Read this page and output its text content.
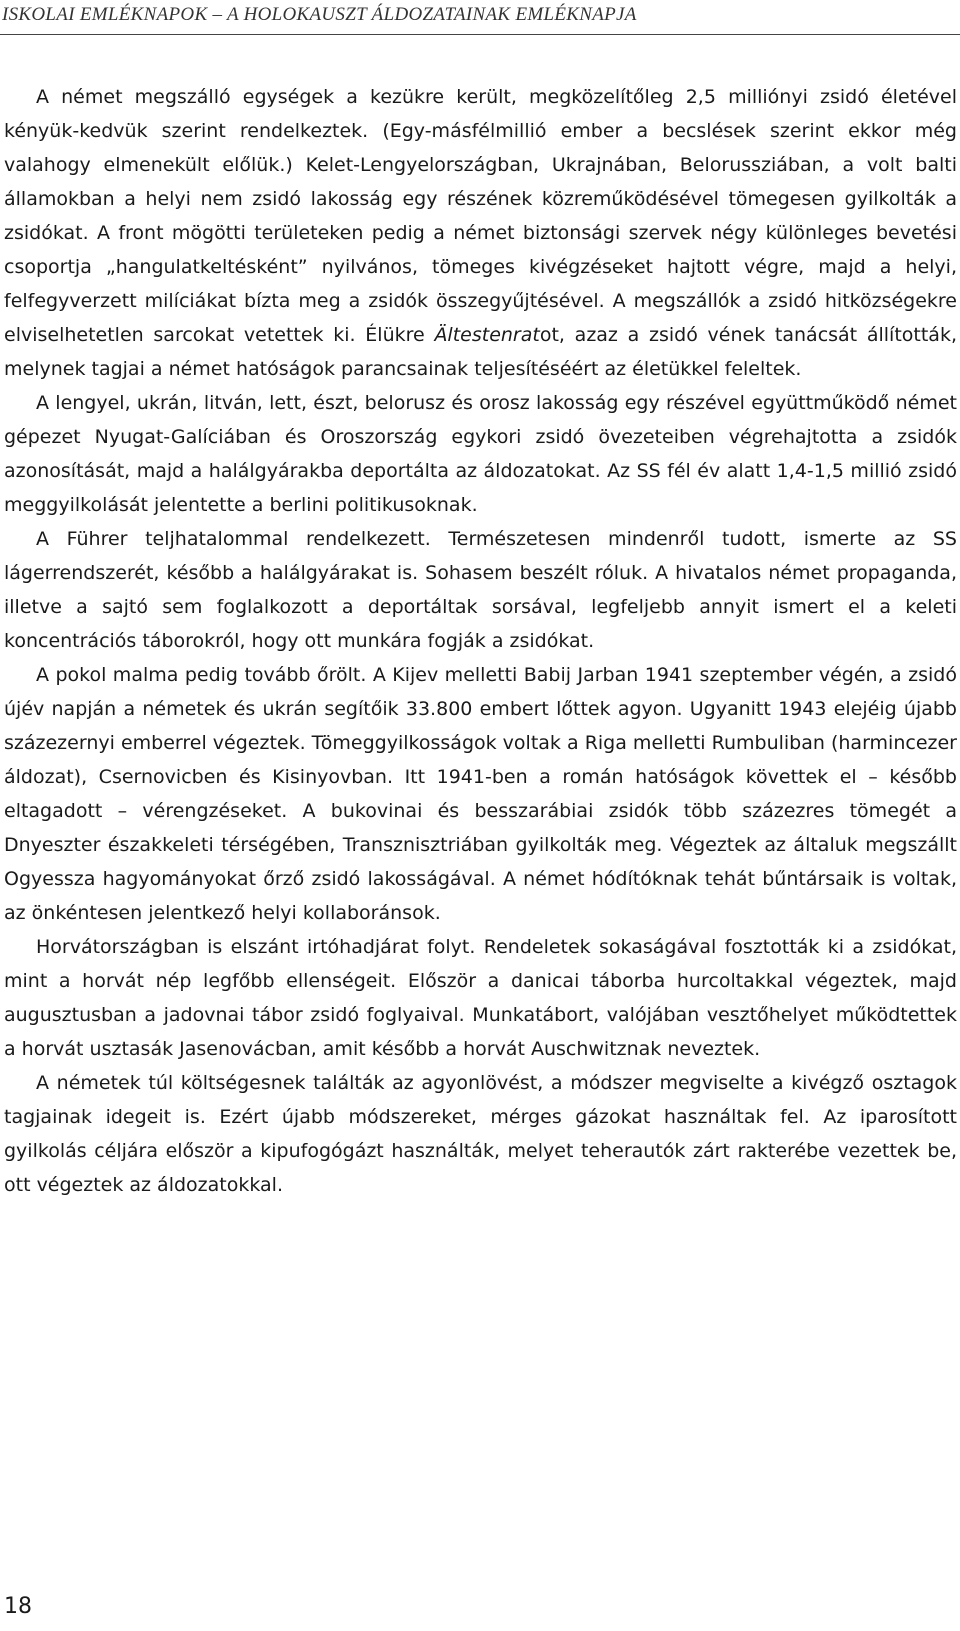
ISKOLAI EMLÉKNAPOK – A HOLOKAUSZT ÁLDOZATAINAK EMLÉKNAPJA

A német megszálló egységek a kezükre került, megközelítőleg 2,5 milliónyi zsidó életével kényük-kedvük szerint rendelkeztek. (Egy-másfélmillió ember a becslések szerint ekkor még valahogy elmenekült előlük.) Kelet-Lengyelországban, Ukrajnában, Belorussziában, a volt balti államokban a helyi nem zsidó lakosság egy részének közreműködésével tömegesen gyilkolták a zsidókat. A front mögötti területeken pedig a német biztonsági szervek négy különleges bevetési csoportja „hangulatkeltésként” nyilvános, tömeges kivégzéseket hajtott végre, majd a helyi, felfegyverzett milíciákat bízta meg a zsidók összegyűjtésével. A megszállók a zsidó hitközségekre elviselhetetlen sarcokat vetettek ki. Élükre Ältestenratot, azaz a zsidó vének tanácsát állították, melynek tagjai a német hatóságok parancsainak teljesítéséért az életükkel feleltek.

A lengyel, ukrán, litván, lett, észt, belorusz és orosz lakosság egy részével együttműködő német gépezet Nyugat-Galíciában és Oroszország egykori zsidó övezeteiben végrehajtotta a zsidók azonosítását, majd a halálgyárakba deportálta az áldozatokat. Az SS fél év alatt 1,4-1,5 millió zsidó meggyilkolását jelentette a berlini politikusoknak.

A Führer teljhatalommal rendelkezett. Természetesen mindenről tudott, ismerte az SS lágerrendszerét, később a halálgyárakat is. Sohasem beszélt róluk. A hivatalos német propaganda, illetve a sajtó sem foglalkozott a deportáltak sorsával, legfeljebb annyit ismert el a keleti koncentrációs táborokról, hogy ott munkára fogják a zsidókat.

A pokol malma pedig tovább őrölt. A Kijev melletti Babij Jarban 1941 szeptember végén, a zsidó újév napján a németek és ukrán segítőik 33.800 embert lőttek agyon. Ugyanitt 1943 elejéig újabb százezernyi emberrel végeztek. Tömeggyilkosságok voltak a Riga melletti Rumbuliban (harmincezer áldozat), Csernovicben és Kisinyovban. Itt 1941-ben a román hatóságok követtek el – később eltagadott – vérengzéseket. A bukovinai és besszarábiai zsidók több százezres tömegét a Dnyeszter északkeleti térségében, Transznisztriában gyilkolták meg. Végeztek az általuk megszállt Ogyessza hagyományokat őrző zsidó lakosságával. A német hódítóknak tehát bűntársaik is voltak, az önkéntesen jelentkező helyi kollaboránsok.

Horvátországban is elszánt irtóhadjárat folyt. Rendeletek sokaságával fosztották ki a zsidókat, mint a horvát nép legfőbb ellenségeit. Először a danicai táborba hurcoltakkal végeztek, majd augusztusban a jadovnai tábor zsidó foglyaival. Munkatábort, valójában vesztőhelyet működtettek a horvát usztasák Jasenovácban, amit később a horvát Auschwitznak neveztek.

A németek túl költségesnek találták az agyonlövést, a módszer megviselte a kivégző osztagok tagjainak idegeit is. Ezért újabb módszereket, mérges gázokat használtak fel. Az iparosított gyilkolás céljára először a kipufogógázt használták, melyet teherautók zárt rakterébe vezettek be, ott végeztek az áldozatokkal.

18
